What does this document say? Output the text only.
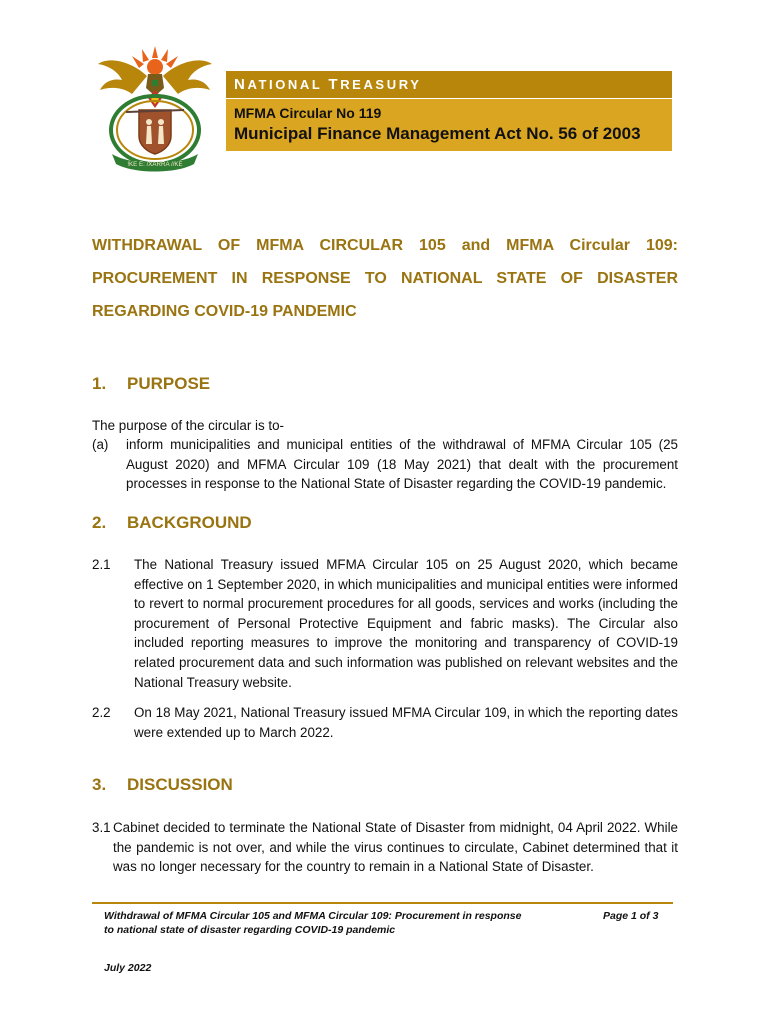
!KE E: /XARRA //KE
NATIONAL TREASURY
MFMA Circular No 119
Municipal Finance Management Act No. 56 of 2003
WITHDRAWAL OF MFMA CIRCULAR 105 and MFMA Circular 109:
PROCUREMENT IN RESPONSE TO NATIONAL STATE OF DISASTER
REGARDING COVID-19 PANDEMIC
1. PURPOSE
The purpose of the circular is to-
(a) inform municipalities and municipal entities of the withdrawal of MFMA Circular 105 (25 August 2020) and MFMA Circular 109 (18 May 2021) that dealt with the procurement processes in response to the National State of Disaster regarding the COVID-19 pandemic.
2. BACKGROUND
2.1 The National Treasury issued MFMA Circular 105 on 25 August 2020, which became effective on 1 September 2020, in which municipalities and municipal entities were informed to revert to normal procurement procedures for all goods, services and works (including the procurement of Personal Protective Equipment and fabric masks). The Circular also included reporting measures to improve the monitoring and transparency of COVID-19 related procurement data and such information was published on relevant websites and the National Treasury website.
2.2 On 18 May 2021, National Treasury issued MFMA Circular 109, in which the reporting dates were extended up to March 2022.
3. DISCUSSION
3.1 Cabinet decided to terminate the National State of Disaster from midnight, 04 April 2022. While the pandemic is not over, and while the virus continues to circulate, Cabinet determined that it was no longer necessary for the country to remain in a National State of Disaster.
Withdrawal of MFMA Circular 105 and MFMA Circular 109: Procurement in response to national state of disaster regarding COVID-19 pandemic
Page 1 of 3
July 2022
